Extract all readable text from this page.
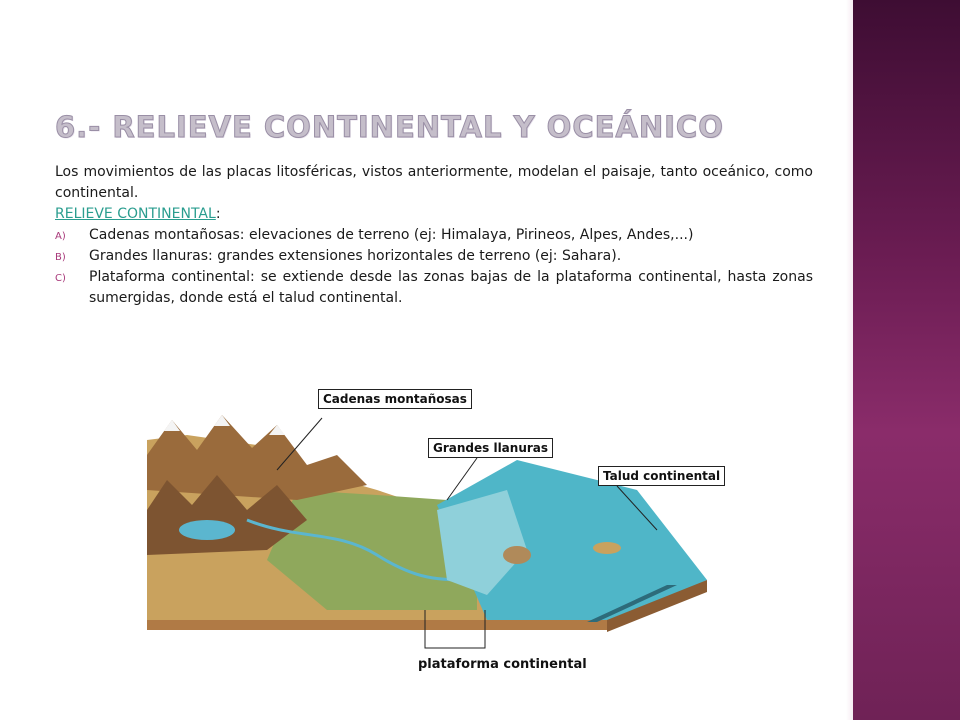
6.- RELIEVE CONTINENTAL Y OCEÁNICO

Los movimientos de las placas litosféricas, vistos anteriormente, modelan el paisaje, tanto oceánico, como continental.

RELIEVE CONTINENTAL:

A) Cadenas montañosas: elevaciones de terreno (ej: Himalaya, Pirineos, Alpes, Andes,...)
B) Grandes llanuras: grandes extensiones horizontales de terreno (ej: Sahara).
C) Plataforma continental: se extiende desde las zonas bajas de la plataforma continental, hasta zonas sumergidas, donde está el talud continental.
Cadenas montañosas
Grandes llanuras
Talud continental
plataforma continental
